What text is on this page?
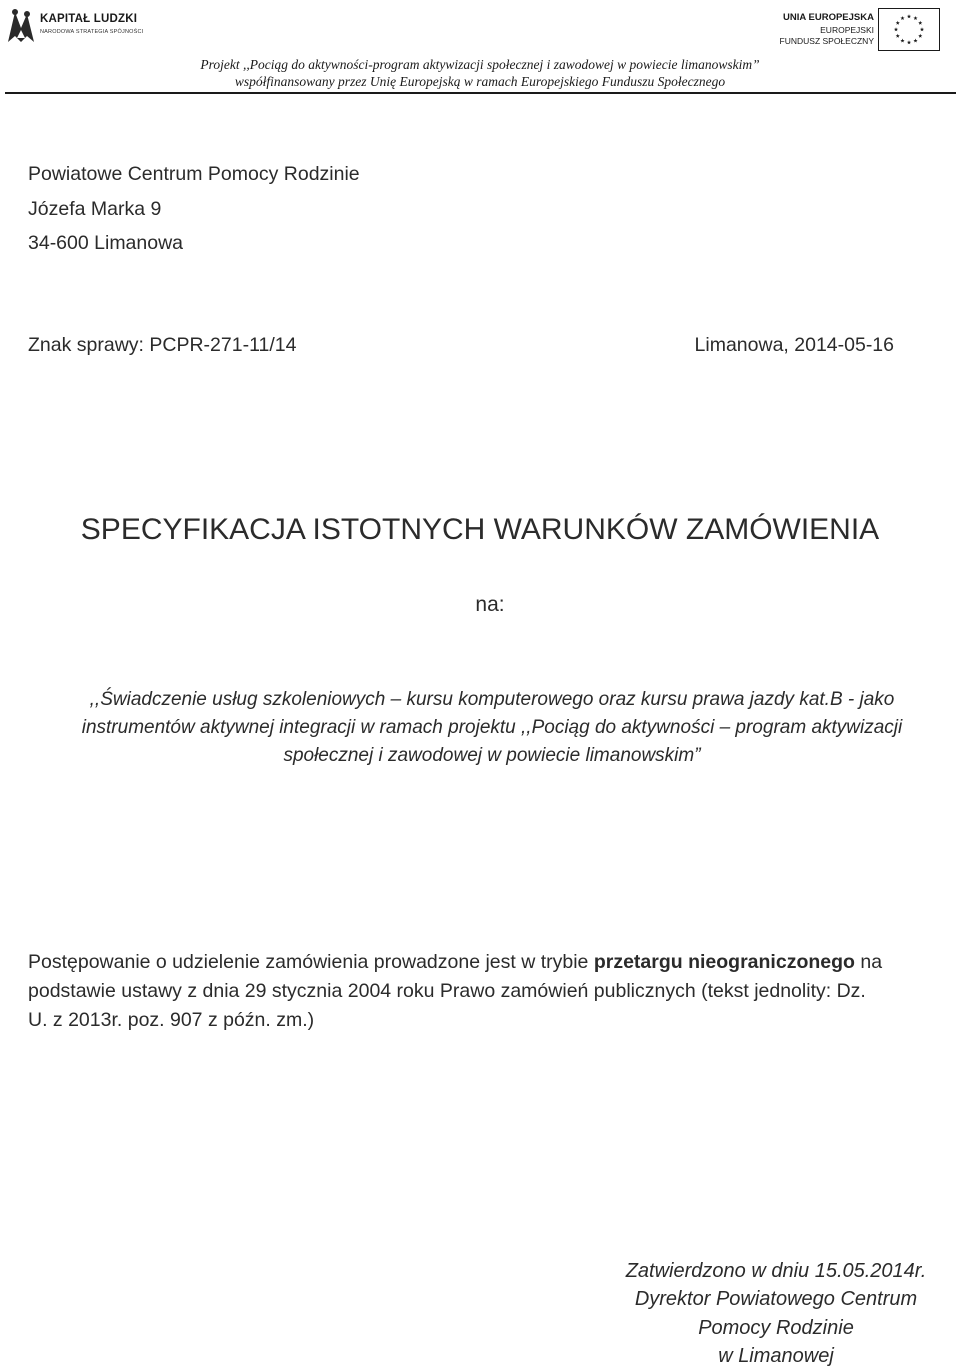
KAPITAŁ LUDZKI
NARODOWA STRATEGIA SPÓJNOŚCI
UNIA EUROPEJSKA
EUROPEJSKI
FUNDUSZ SPOŁECZNY
Projekt ,,Pociąg do aktywności-program aktywizacji społecznej i zawodowej w powiecie limanowskim”
współfinansowany przez Unię Europejską w ramach Europejskiego Funduszu Społecznego
Powiatowe Centrum Pomocy Rodzinie
Józefa Marka 9
34-600 Limanowa
Znak sprawy: PCPR-271-11/14	Limanowa, 2014-05-16
SPECYFIKACJA ISTOTNYCH WARUNKÓW ZAMÓWIENIA
na:
,,Świadczenie usług szkoleniowych – kursu komputerowego oraz kursu prawa jazdy kat.B - jako
instrumentów aktywnej integracji w ramach projektu ,,Pociąg do aktywności – program aktywizacji
społecznej i zawodowej w powiecie limanowskim”
Postępowanie o udzielenie zamówienia prowadzone jest w trybie przetargu nieograniczonego na
podstawie ustawy z dnia 29 stycznia 2004 roku Prawo zamówień publicznych (tekst jednolity: Dz.
U. z 2013r. poz. 907 z późn. zm.)
Zatwierdzono w dniu 15.05.2014r.
Dyrektor Powiatowego Centrum
Pomocy Rodzinie
w Limanowej
